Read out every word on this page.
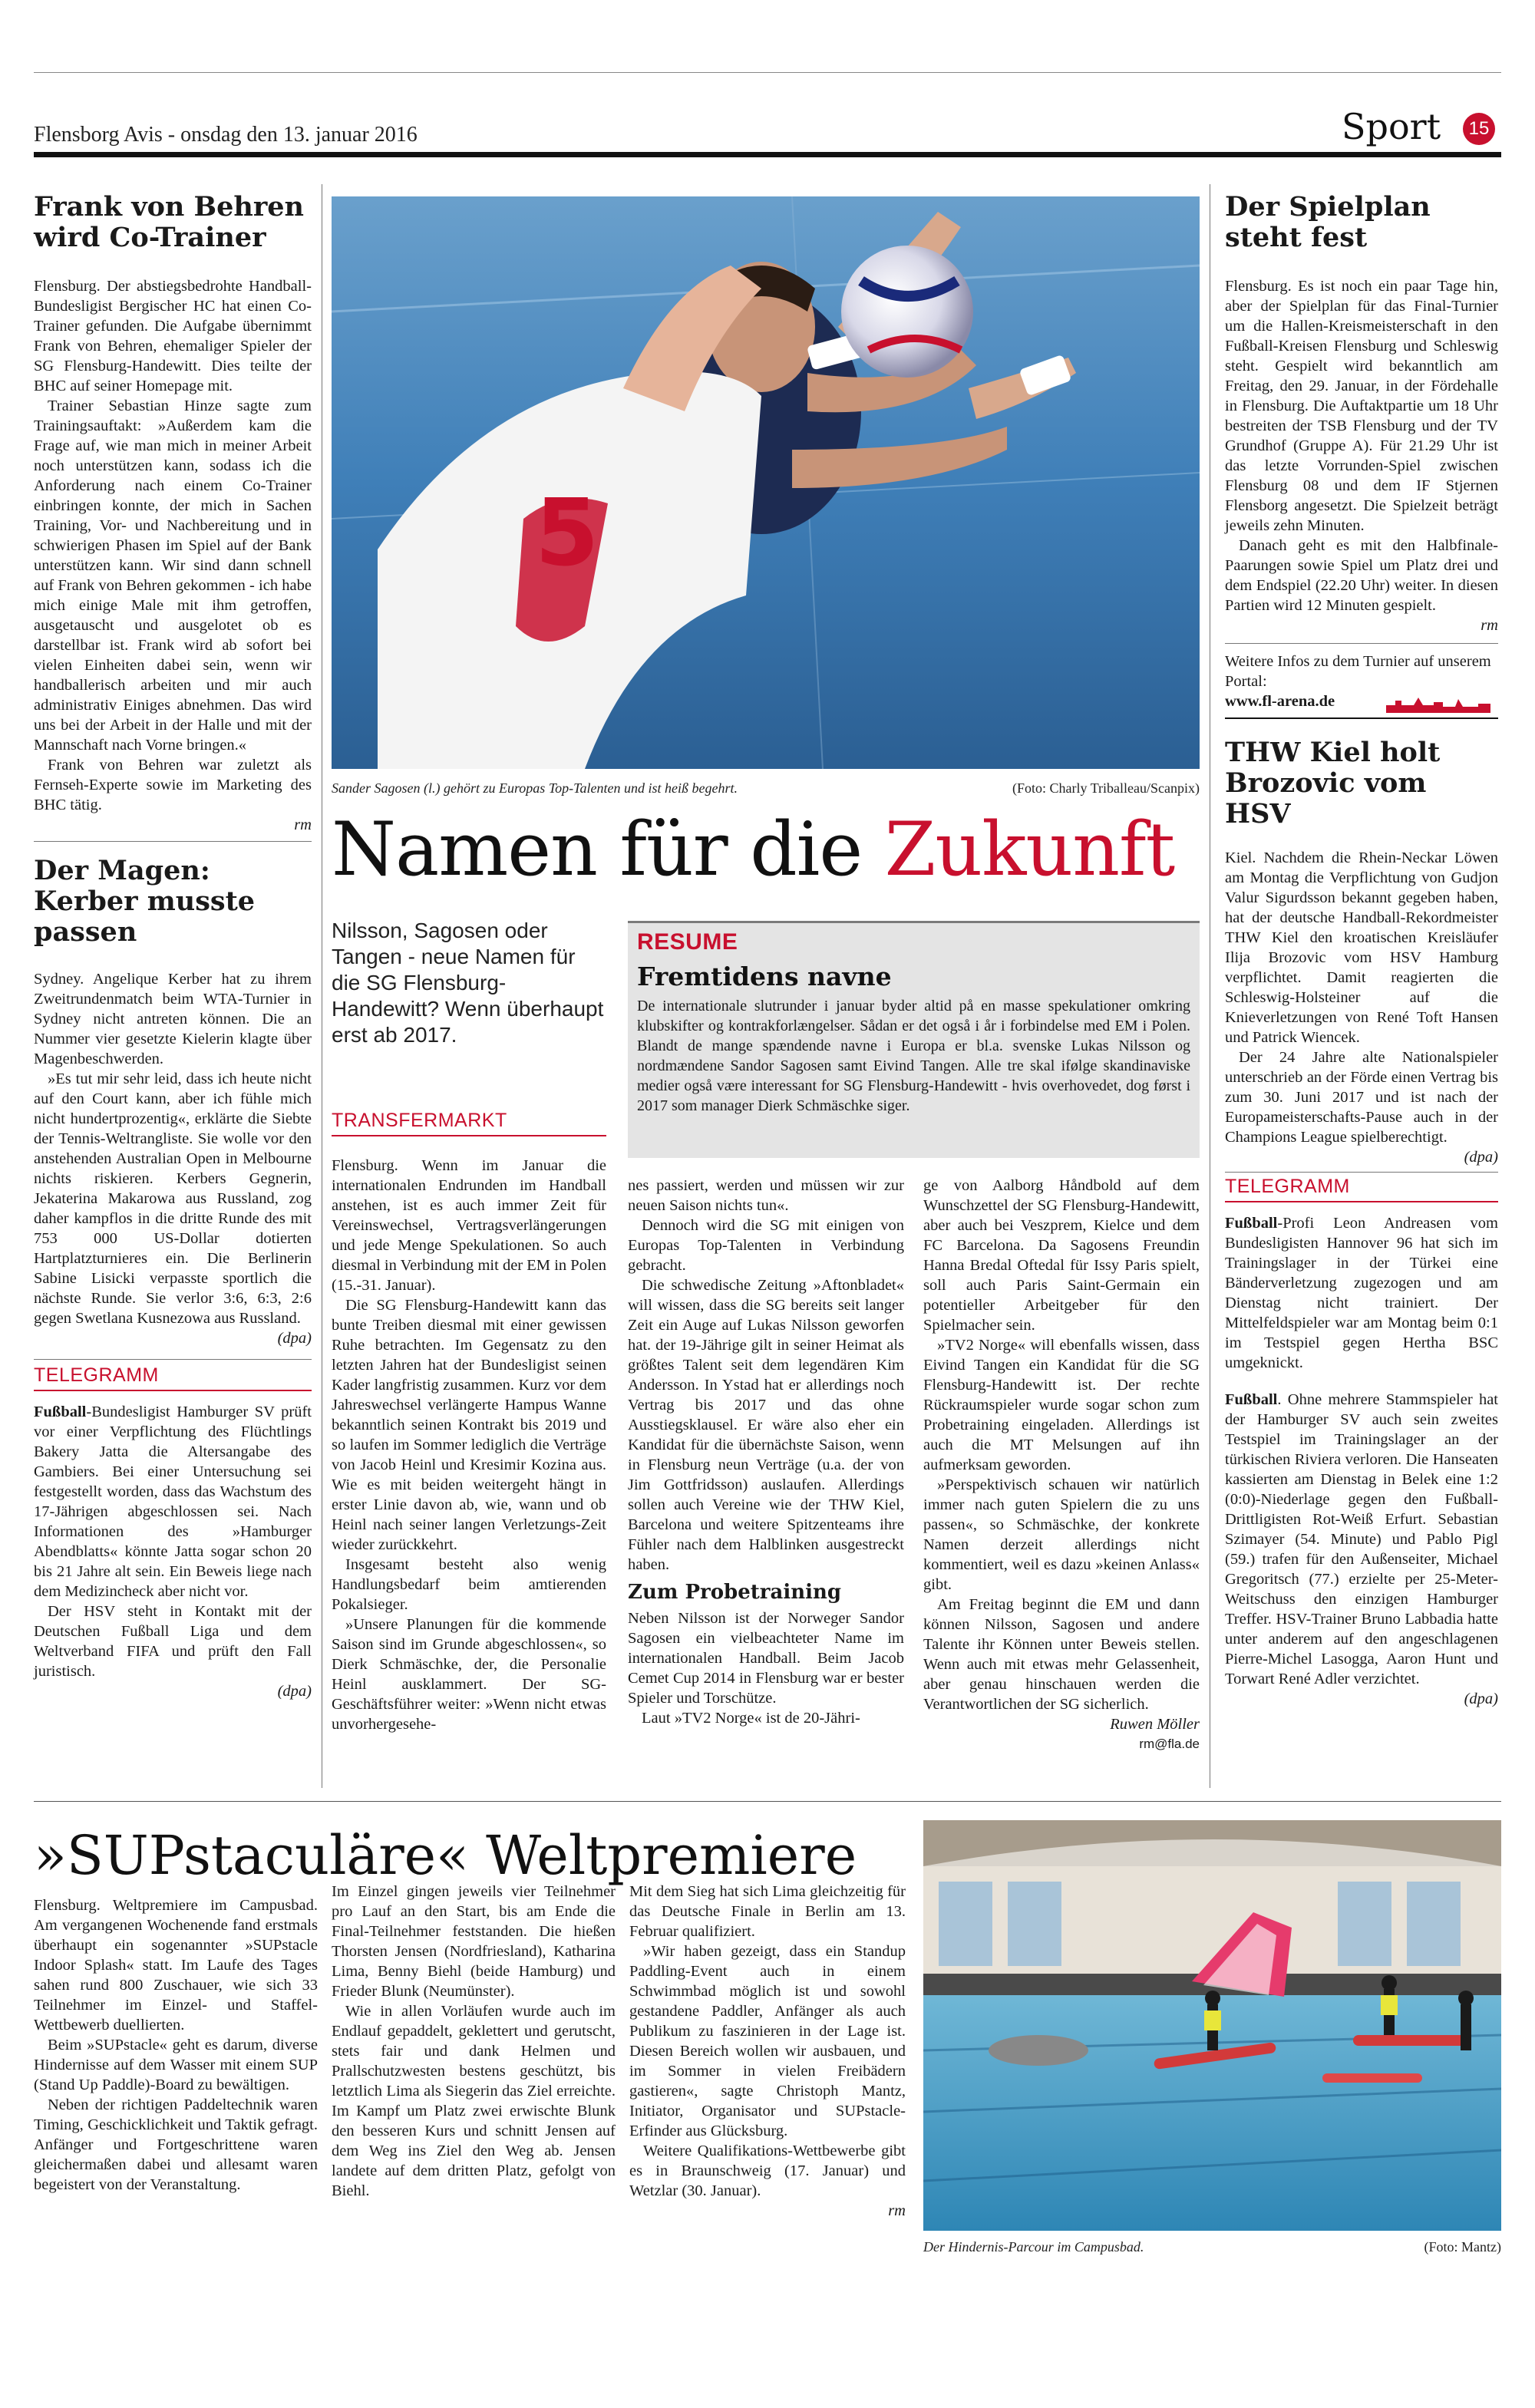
Flensborg Avis - onsdag den 13. januar 2016	Sport	15
Frank von Behren wird Co-Trainer

Flensburg. Der abstiegsbedrohte Handball-Bundesligist Bergischer HC hat einen Co-Trainer gefunden. Die Aufgabe übernimmt Frank von Behren, ehemaliger Spieler der SG Flensburg-Handewitt. Dies teilte der BHC auf seiner Homepage mit.

Trainer Sebastian Hinze sagte zum Trainingsauftakt: »Außerdem kam die Frage auf, wie man mich in meiner Arbeit noch unterstützen kann, sodass ich die Anforderung nach einem Co-Trainer einbringen konnte, der mich in Sachen Training, Vor- und Nachbereitung und in schwierigen Phasen im Spiel auf der Bank unterstützen kann. Wir sind dann schnell auf Frank von Behren gekommen - ich habe mich einige Male mit ihm getroffen, ausgetauscht und ausgelotet ob es darstellbar ist. Frank wird ab sofort bei vielen Einheiten dabei sein, wenn wir handballerisch arbeiten und mir auch administrativ Einiges abnehmen. Das wird uns bei der Arbeit in der Halle und mit der Mannschaft nach Vorne bringen.«

Frank von Behren war zuletzt als Fernseh-Experte sowie im Marketing des BHC tätig.

rm
Der Magen: Kerber musste passen

Sydney. Angelique Kerber hat zu ihrem Zweitrundenmatch beim WTA-Turnier in Sydney nicht antreten können. Die an Nummer vier gesetzte Kielerin klagte über Magenbeschwerden.

»Es tut mir sehr leid, dass ich heute nicht auf den Court kann, aber ich fühle mich nicht hundertprozentig«, erklärte die Siebte der Tennis-Weltrangliste. Sie wolle vor den anstehenden Australian Open in Melbourne nichts riskieren. Kerbers Gegnerin, Jekaterina Makarowa aus Russland, zog daher kampflos in die dritte Runde des mit 753 000 US-Dollar dotierten Hartplatzturnieres ein. Die Berlinerin Sabine Lisicki verpasste sportlich die nächste Runde. Sie verlor 3:6, 6:3, 2:6 gegen Swetlana Kusnezowa aus Russland.

(dpa)
TELEGRAMM

Fußball-Bundesligist Hamburger SV prüft vor einer Verpflichtung des Flüchtlings Bakery Jatta die Altersangabe des Gambiers. Bei einer Untersuchung sei festgestellt worden, dass das Wachstum des 17-Jährigen abgeschlossen sei. Nach Informationen des »Hamburger Abendblatts« könnte Jatta sogar schon 20 bis 21 Jahre alt sein. Ein Beweis liege nach dem Medizincheck aber nicht vor.

Der HSV steht in Kontakt mit der Deutschen Fußball Liga und dem Weltverband FIFA und prüft den Fall juristisch.

(dpa)
5
Sander Sagosen (l.) gehört zu Europas Top-Talenten und ist heiß begehrt.	(Foto: Charly Triballeau/Scanpix)
Namen für die Zukunft
Nilsson, Sagosen oder Tangen - neue Namen für die SG Flensburg-Handewitt? Wenn überhaupt erst ab 2017.
RESUME
Fremtidens navne
De internationale slutrunder i januar byder altid på en masse spekulationer omkring klubskifter og kontrakforlængelser. Sådan er det også i år i forbindelse med EM i Polen. Blandt de mange spændende navne i Europa er bl.a. svenske Lukas Nilsson og nordmændene Sandor Sagosen samt Eivind Tangen. Alle tre skal ifølge skandinaviske medier også være interessant for SG Flensburg-Handewitt - hvis overhovedet, dog først i 2017 som manager Dierk Schmäschke siger.
TRANSFERMARKT

Flensburg. Wenn im Januar die internationalen Endrunden im Handball anstehen, ist es auch immer Zeit für Vereinswechsel, Vertragsverlängerungen und jede Menge Spekulationen. So auch diesmal in Verbindung mit der EM in Polen (15.-31. Januar).

Die SG Flensburg-Handewitt kann das bunte Treiben diesmal mit einer gewissen Ruhe betrachten. Im Gegensatz zu den letzten Jahren hat der Bundesligist seinen Kader langfristig zusammen. Kurz vor dem Jahreswechsel verlängerte Hampus Wanne bekanntlich seinen Kontrakt bis 2019 und so laufen im Sommer lediglich die Verträge von Jacob Heinl und Kresimir Kozina aus. Wie es mit beiden weitergeht hängt in erster Linie davon ab, wie, wann und ob Heinl nach seiner langen Verletzungs-Zeit wieder zurückkehrt.

Insgesamt besteht also wenig Handlungsbedarf beim amtierenden Pokalsieger.

»Unsere Planungen für die kommende Saison sind im Grunde abgeschlossen«, so Dierk Schmäschke, der, die Personalie Heinl ausklammert. Der SG-Geschäftsführer weiter: »Wenn nicht etwas unvorhergesehe-

nes passiert, werden und müssen wir zur neuen Saison nichts tun«.

Dennoch wird die SG mit einigen von Europas Top-Talenten in Verbindung gebracht.

Die schwedische Zeitung »Aftonbladet« will wissen, dass die SG bereits seit langer Zeit ein Auge auf Lukas Nilsson geworfen hat. der 19-Jährige gilt in seiner Heimat als größtes Talent seit dem legendären Kim Andersson. In Ystad hat er allerdings noch Vertrag bis 2017 und das ohne Ausstiegsklausel. Er wäre also eher ein Kandidat für die übernächste Saison, wenn in Flensburg neun Verträge (u.a. der von Jim Gottfridsson) auslaufen. Allerdings sollen auch Vereine wie der THW Kiel, Barcelona und weitere Spitzenteams ihre Fühler nach dem Halblinken ausgestreckt haben.

Zum Probetraining

Neben Nilsson ist der Norweger Sandor Sagosen ein vielbeachteter Name im internationalen Handball. Beim Jacob Cemet Cup 2014 in Flensburg war er bester Spieler und Torschütze.

Laut »TV2 Norge« ist de 20-Jähri-

ge von Aalborg Håndbold auf dem Wunschzettel der SG Flensburg-Handewitt, aber auch bei Veszprem, Kielce und dem FC Barcelona. Da Sagosens Freundin Hanna Bredal Oftedal für Issy Paris spielt, soll auch Paris Saint-Germain ein potentieller Arbeitgeber für den Spielmacher sein.

»TV2 Norge« will ebenfalls wissen, dass Eivind Tangen ein Kandidat für die SG Flensburg-Handewitt ist. Der rechte Rückraumspieler wurde sogar schon zum Probetraining eingeladen. Allerdings ist auch die MT Melsungen auf ihn aufmerksam geworden.

»Perspektivisch schauen wir natürlich immer nach guten Spielern die zu uns passen«, so Schmäschke, der konkrete Namen derzeit allerdings nicht kommentiert, weil es dazu »keinen Anlass« gibt.

Am Freitag beginnt die EM und dann können Nilsson, Sagosen und andere Talente ihr Können unter Beweis stellen. Wenn auch mit etwas mehr Gelassenheit, aber genau hinschauen werden die Verantwortlichen der SG sicherlich.

Ruwen Möller
rm@fla.de
Der Spielplan steht fest

Flensburg. Es ist noch ein paar Tage hin, aber der Spielplan für das Final-Turnier um die Hallen-Kreismeisterschaft in den Fußball-Kreisen Flensburg und Schleswig steht. Gespielt wird bekanntlich am Freitag, den 29. Januar, in der Fördehalle in Flensburg. Die Auftaktpartie um 18 Uhr bestreiten der TSB Flensburg und der TV Grundhof (Gruppe A). Für 21.29 Uhr ist das letzte Vorrunden-Spiel zwischen Flensburg 08 und dem IF Stjernen Flensborg angesetzt. Die Spielzeit beträgt jeweils zehn Minuten.

Danach geht es mit den Halbfinale-Paarungen sowie Spiel um Platz drei und dem Endspiel (22.20 Uhr) weiter. In diesen Partien wird 12 Minuten gespielt.

rm
Weitere Infos zu dem Turnier auf unserem Portal:
www.fl-arena.de
THW Kiel holt Brozovic vom HSV

Kiel. Nachdem die Rhein-Neckar Löwen am Montag die Verpflichtung von Gudjon Valur Sigurdsson bekannt gegeben haben, hat der deutsche Handball-Rekordmeister THW Kiel den kroatischen Kreisläufer Ilija Brozovic vom HSV Hamburg verpflichtet. Damit reagierten die Schleswig-Holsteiner auf die Knieverletzungen von René Toft Hansen und Patrick Wiencek.

Der 24 Jahre alte Nationalspieler unterschrieb an der Förde einen Vertrag bis zum 30. Juni 2017 und ist nach der Europameisterschafts-Pause auch in der Champions League spielberechtigt.

(dpa)
TELEGRAMM

Fußball-Profi Leon Andreasen vom Bundesligisten Hannover 96 hat sich im Trainingslager in der Türkei eine Bänderverletzung zugezogen und am Dienstag nicht trainiert. Der Mittelfeldspieler war am Montag beim 0:1 im Testspiel gegen Hertha BSC umgeknickt.

Fußball. Ohne mehrere Stammspieler hat der Hamburger SV auch sein zweites Testspiel im Trainingslager an der türkischen Riviera verloren. Die Hanseaten kassierten am Dienstag in Belek eine 1:2 (0:0)-Niederlage gegen den Fußball-Drittligisten Rot-Weiß Erfurt. Sebastian Szimayer (54. Minute) und Pablo Pigl (59.) trafen für den Außenseiter, Michael Gregoritsch (77.) erzielte per 25-Meter-Weitschuss den einzigen Hamburger Treffer. HSV-Trainer Bruno Labbadia hatte unter anderem auf den angeschlagenen Pierre-Michel Lasogga, Aaron Hunt und Torwart René Adler verzichtet.

(dpa)
»SUPstaculäre« Weltpremiere

Flensburg. Weltpremiere im Campusbad. Am vergangenen Wochenende fand erstmals überhaupt ein sogenannter »SUPstacle Indoor Splash« statt. Im Laufe des Tages sahen rund 800 Zuschauer, wie sich 33 Teilnehmer im Einzel- und Staffel-Wettbewerb duellierten.

Beim »SUPstacle« geht es darum, diverse Hindernisse auf dem Wasser mit einem SUP (Stand Up Paddle)-Board zu bewältigen.

Neben der richtigen Paddeltechnik waren Timing, Geschicklichkeit und Taktik gefragt. Anfänger und Fortgeschrittene waren gleichermaßen dabei und allesamt waren begeistert von der Veranstaltung.

Im Einzel gingen jeweils vier Teilnehmer pro Lauf an den Start, bis am Ende die Final-Teilnehmer feststanden. Die hießen Thorsten Jensen (Nordfriesland), Katharina Lima, Benny Biehl (beide Hamburg) und Frieder Blunk (Neumünster).

Wie in allen Vorläufen wurde auch im Endlauf gepaddelt, geklettert und gerutscht, stets fair und dank Helmen und Prallschutzwesten bestens geschützt, bis letztlich Lima als Siegerin das Ziel erreichte. Im Kampf um Platz zwei erwischte Blunk den besseren Kurs und schnitt Jensen auf dem Weg ins Ziel den Weg ab. Jensen landete auf dem dritten Platz, gefolgt von Biehl.

Mit dem Sieg hat sich Lima gleichzeitig für das Deutsche Finale in Berlin am 13. Februar qualifiziert.

»Wir haben gezeigt, dass ein Standup Paddling-Event auch in einem Schwimmbad möglich ist und sowohl gestandene Paddler, Anfänger als auch Publikum zu faszinieren in der Lage ist. Diesen Bereich wollen wir ausbauen, und im Sommer in vielen Freibädern gastieren«, sagte Christoph Mantz, Initiator, Organisator und SUPstacle-Erfinder aus Glücksburg.

Weitere Qualifikations-Wettbewerbe gibt es in Braunschweig (17. Januar) und Wetzlar (30. Januar).

rm
Der Hindernis-Parcour im Campusbad.	(Foto: Mantz)
